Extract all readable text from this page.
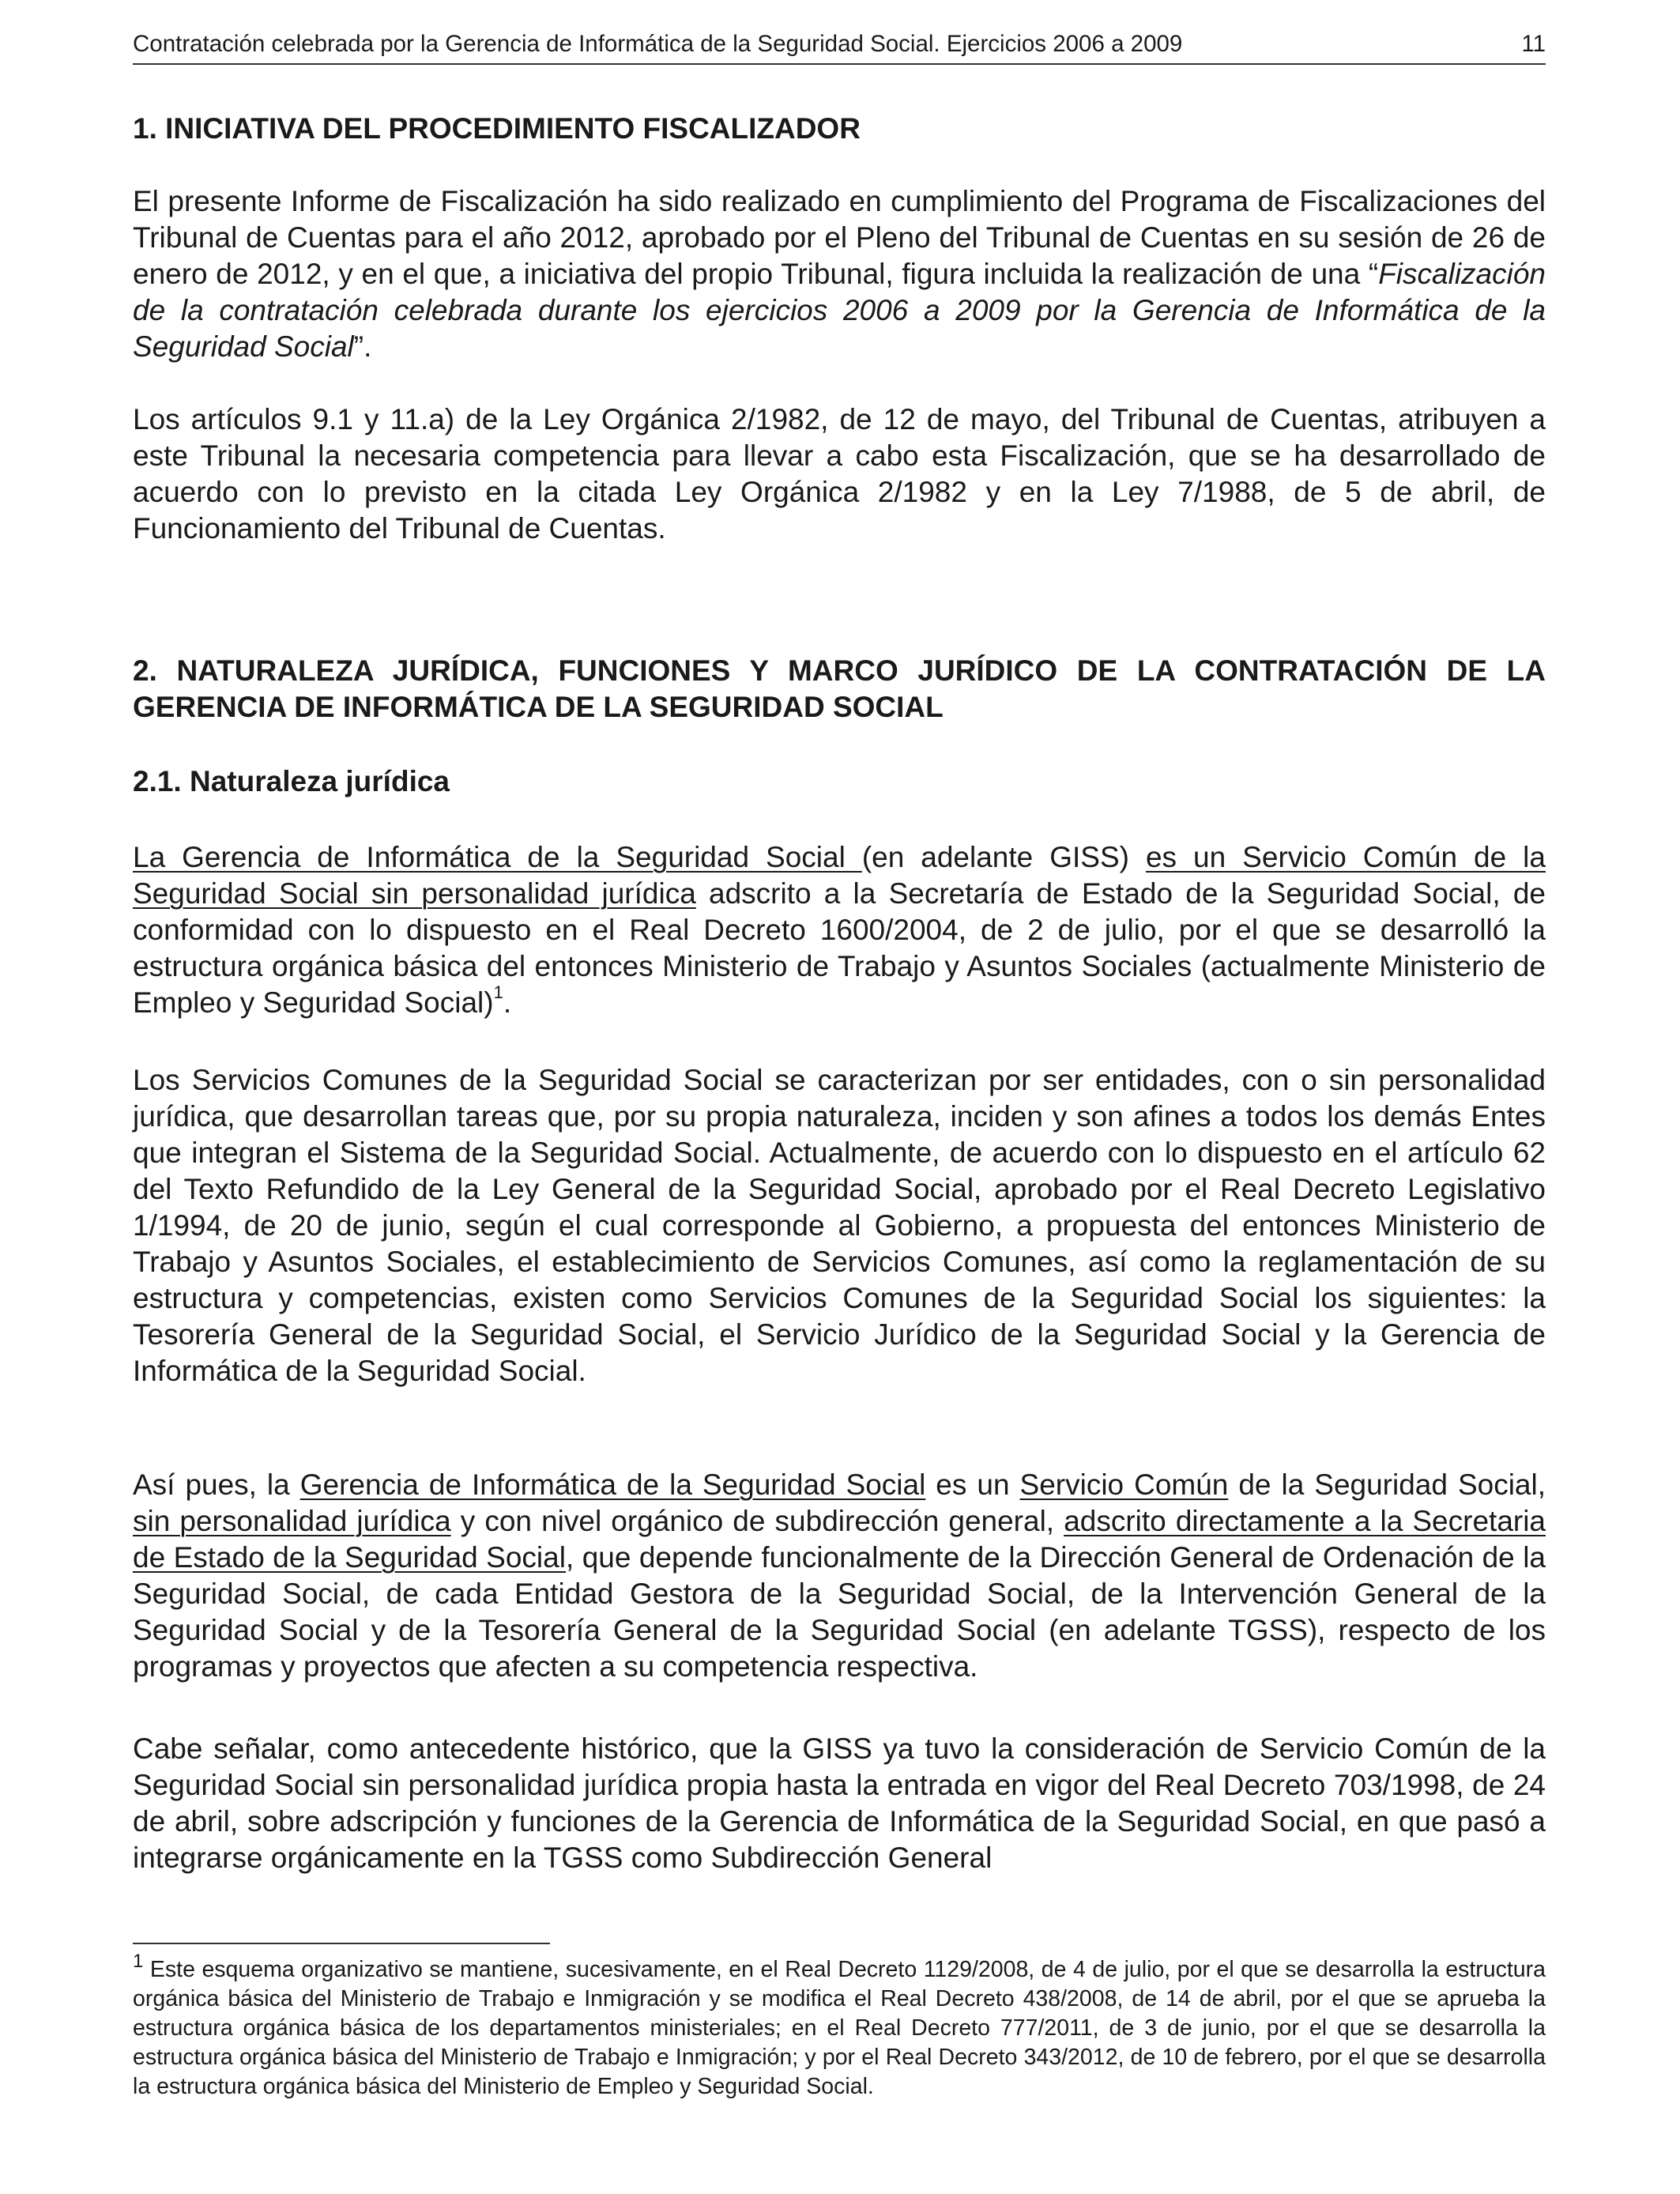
Contratación celebrada por la Gerencia de Informática de la Seguridad Social. Ejercicios 2006 a 2009	11
1. INICIATIVA DEL PROCEDIMIENTO FISCALIZADOR

El presente Informe de Fiscalización ha sido realizado en cumplimiento del Programa de Fiscalizaciones del Tribunal de Cuentas para el año 2012, aprobado por el Pleno del Tribunal de Cuentas en su sesión de 26 de enero de 2012, y en el que, a iniciativa del propio Tribunal, figura incluida la realización de una “Fiscalización de la contratación celebrada durante los ejercicios 2006 a 2009 por la Gerencia de Informática de la Seguridad Social”.

Los artículos 9.1 y 11.a) de la Ley Orgánica 2/1982, de 12 de mayo, del Tribunal de Cuentas, atribuyen a este Tribunal la necesaria competencia para llevar a cabo esta Fiscalización, que se ha desarrollado de acuerdo con lo previsto en la citada Ley Orgánica 2/1982 y en la Ley 7/1988, de 5 de abril, de Funcionamiento del Tribunal de Cuentas.

2. NATURALEZA JURÍDICA, FUNCIONES Y MARCO JURÍDICO DE LA CONTRATACIÓN DE LA GERENCIA DE INFORMÁTICA DE LA SEGURIDAD SOCIAL

2.1. Naturaleza jurídica

La Gerencia de Informática de la Seguridad Social (en adelante GISS) es un Servicio Común de la Seguridad Social sin personalidad jurídica adscrito a la Secretaría de Estado de la Seguridad Social, de conformidad con lo dispuesto en el Real Decreto 1600/2004, de 2 de julio, por el que se desarrolló la estructura orgánica básica del entonces Ministerio de Trabajo y Asuntos Sociales (actualmente Ministerio de Empleo y Seguridad Social)$^1$.

Los Servicios Comunes de la Seguridad Social se caracterizan por ser entidades, con o sin personalidad jurídica, que desarrollan tareas que, por su propia naturaleza, inciden y son afines a todos los demás Entes que integran el Sistema de la Seguridad Social. Actualmente, de acuerdo con lo dispuesto en el artículo 62 del Texto Refundido de la Ley General de la Seguridad Social, aprobado por el Real Decreto Legislativo 1/1994, de 20 de junio, según el cual corresponde al Gobierno, a propuesta del entonces Ministerio de Trabajo y Asuntos Sociales, el establecimiento de Servicios Comunes, así como la reglamentación de su estructura y competencias, existen como Servicios Comunes de la Seguridad Social los siguientes: la Tesorería General de la Seguridad Social, el Servicio Jurídico de la Seguridad Social y la Gerencia de Informática de la Seguridad Social.

Así pues, la Gerencia de Informática de la Seguridad Social es un Servicio Común de la Seguridad Social, sin personalidad jurídica y con nivel orgánico de subdirección general, adscrito directamente a la Secretaria de Estado de la Seguridad Social, que depende funcionalmente de la Dirección General de Ordenación de la Seguridad Social, de cada Entidad Gestora de la Seguridad Social, de la Intervención General de la Seguridad Social y de la Tesorería General de la Seguridad Social (en adelante TGSS), respecto de los programas y proyectos que afecten a su competencia respectiva.

Cabe señalar, como antecedente histórico, que la GISS ya tuvo la consideración de Servicio Común de la Seguridad Social sin personalidad jurídica propia hasta la entrada en vigor del Real Decreto 703/1998, de 24 de abril, sobre adscripción y funciones de la Gerencia de Informática de la Seguridad Social, en que pasó a integrarse orgánicamente en la TGSS como Subdirección General

$^1$ Este esquema organizativo se mantiene, sucesivamente, en el Real Decreto 1129/2008, de 4 de julio, por el que se desarrolla la estructura orgánica básica del Ministerio de Trabajo e Inmigración y se modifica el Real Decreto 438/2008, de 14 de abril, por el que se aprueba la estructura orgánica básica de los departamentos ministeriales; en el Real Decreto 777/2011, de 3 de junio, por el que se desarrolla la estructura orgánica básica del Ministerio de Trabajo e Inmigración; y por el Real Decreto 343/2012, de 10 de febrero, por el que se desarrolla la estructura orgánica básica del Ministerio de Empleo y Seguridad Social.
